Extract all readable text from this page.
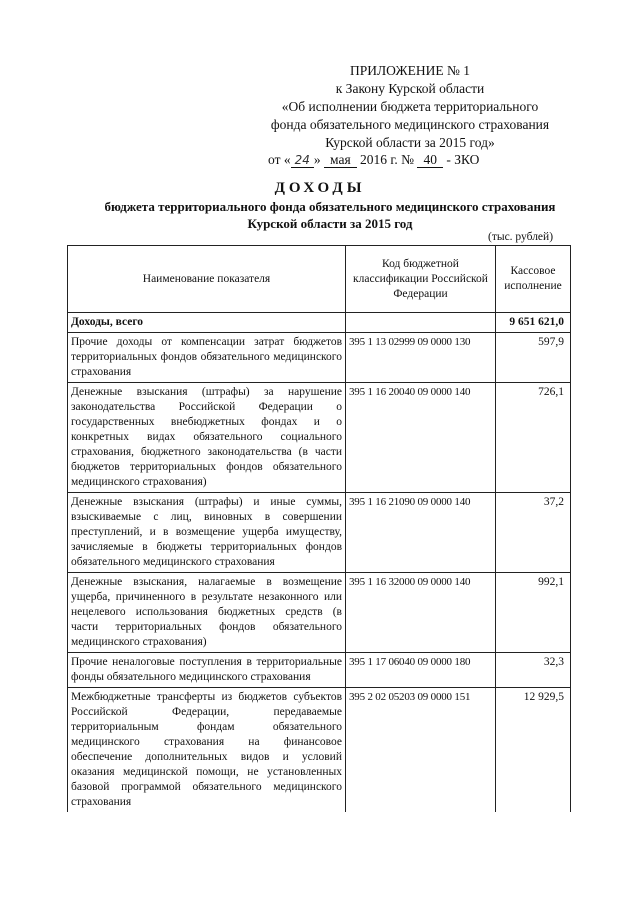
ПРИЛОЖЕНИЕ № 1
к Закону Курской области
«Об исполнении бюджета территориального
фонда обязательного медицинского страхования
Курской области за 2015 год»
от « 24 » мая 2016 г. № 40 - ЗКО
ДОХОДЫ
бюджета территориального фонда обязательного медицинского страхования Курской области за 2015 год
(тыс. рублей)
Наименование показателя	Код бюджетной классификации Российской Федерации	Кассовое исполнение
Доходы, всего		9 651 621,0
Прочие доходы от компенсации затрат бюджетов территориальных фондов обязательного медицинского страхования	395 1 13 02999 09 0000 130	597,9
Денежные взыскания (штрафы) за нарушение законодательства Российской Федерации о государственных внебюджетных фондах и о конкретных видах обязательного социального страхования, бюджетного законодательства (в части бюджетов территориальных фондов обязательного медицинского страхования)	395 1 16 20040 09 0000 140	726,1
Денежные взыскания (штрафы) и иные суммы, взыскиваемые с лиц, виновных в совершении преступлений, и в возмещение ущерба имуществу, зачисляемые в бюджеты территориальных фондов обязательного медицинского страхования	395 1 16 21090 09 0000 140	37,2
Денежные взыскания, налагаемые в возмещение ущерба, причиненного в результате незаконного или нецелевого использования бюджетных средств (в части территориальных фондов обязательного медицинского страхования)	395 1 16 32000 09 0000 140	992,1
Прочие неналоговые поступления в территориальные фонды обязательного медицинского страхования	395 1 17 06040 09 0000 180	32,3
Межбюджетные трансферты из бюджетов субъектов Российской Федерации, передаваемые территориальным фондам обязательного медицинского страхования на финансовое обеспечение дополнительных видов и условий оказания медицинской помощи, не установленных базовой программой обязательного медицинского страхования	395 2 02 05203 09 0000 151	12 929,5
